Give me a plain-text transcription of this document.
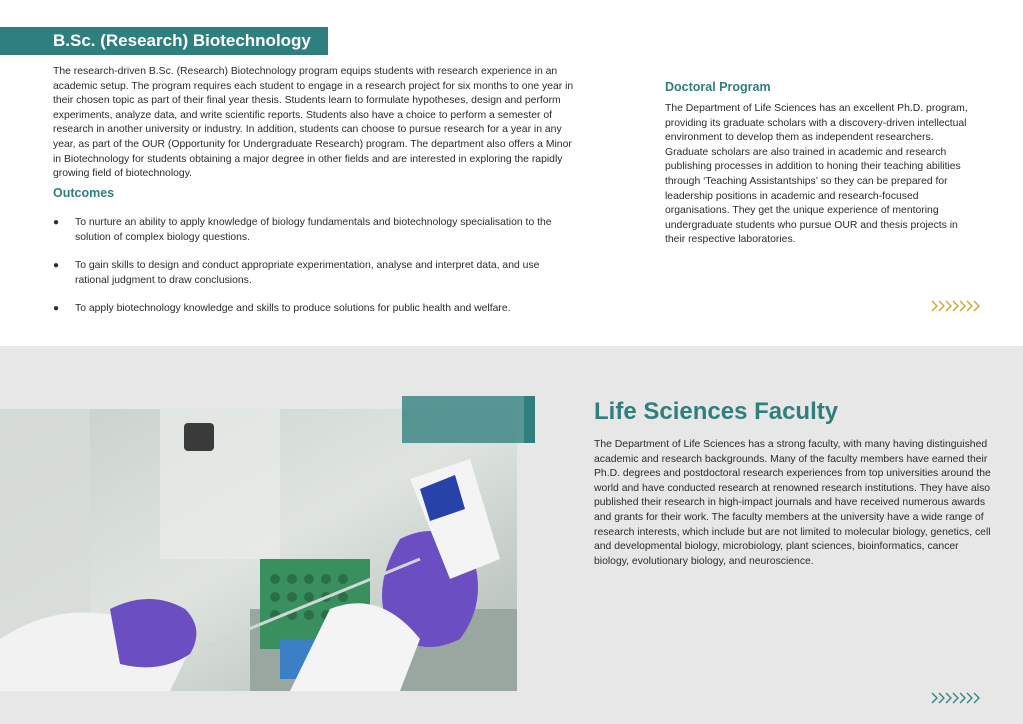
B.Sc. (Research) Biotechnology

The research-driven B.Sc. (Research) Biotechnology program equips students with research experience in an academic setup. The program requires each student to engage in a research project for six months to one year in their chosen topic as part of their final year thesis. Students learn to formulate hypotheses, design and perform experiments, analyze data, and write scientific reports. Students also have a choice to perform a semester of research in another university or industry. In addition, students can choose to pursue research for a year in any year, as part of the OUR (Opportunity for Undergraduate Research) program. The department also offers a Minor in Biotechnology for students obtaining a major degree in other fields and are interested in exploring the rapidly growing field of biotechnology.

Outcomes
● To nurture an ability to apply knowledge of biology fundamentals and biotechnology specialisation to the solution of complex biology questions.
● To gain skills to design and conduct appropriate experimentation, analyse and interpret data, and use rational judgment to draw conclusions.
● To apply biotechnology knowledge and skills to produce solutions for public health and welfare.
Doctoral Program

The Department of Life Sciences has an excellent Ph.D. program, providing its graduate scholars with a discovery-driven intellectual environment to develop them as independent researchers. Graduate scholars are also trained in academic and research publishing processes in addition to honing their teaching abilities through ‘Teaching Assistantships’ so they can be prepared for leadership positions in academic and research-focused organisations. They get the unique experience of mentoring undergraduate students who pursue OUR and thesis projects in their respective laboratories.

Life Sciences Faculty

The Department of Life Sciences has a strong faculty, with many having distinguished academic and research backgrounds. Many of the faculty members have earned their Ph.D. degrees and postdoctoral research experiences from top universities around the world and have conducted research at renowned research institutions. They have also published their research in high-impact journals and have received numerous awards and grants for their work. The faculty members at the university have a wide range of research interests, which include but are not limited to molecular biology, genetics, cell and developmental biology, microbiology, plant sciences, bioinformatics, cancer biology, evolutionary biology, and neuroscience.
